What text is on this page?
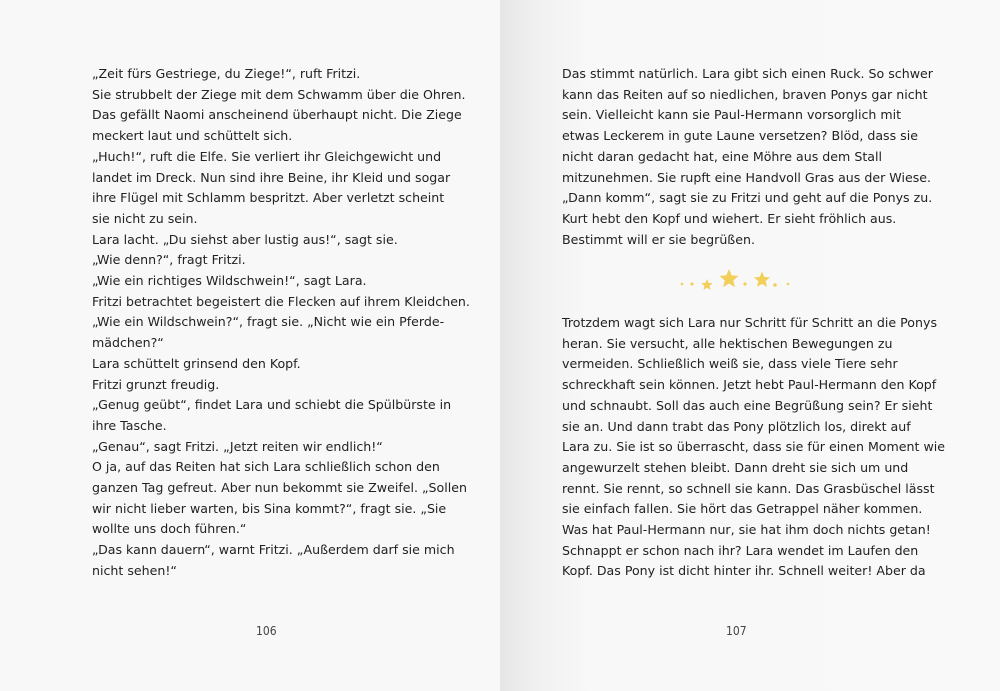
„Zeit fürs Gestriege, du Ziege!“, ruft Fritzi.
Sie strubbelt der Ziege mit dem Schwamm über die Ohren.
Das gefällt Naomi anscheinend überhaupt nicht. Die Ziege
meckert laut und schüttelt sich.
„Huch!“, ruft die Elfe. Sie verliert ihr Gleichgewicht und
landet im Dreck. Nun sind ihre Beine, ihr Kleid und sogar
ihre Flügel mit Schlamm bespritzt. Aber verletzt scheint
sie nicht zu sein.
Lara lacht. „Du siehst aber lustig aus!“, sagt sie.
„Wie denn?“, fragt Fritzi.
„Wie ein richtiges Wildschwein!“, sagt Lara.
Fritzi betrachtet begeistert die Flecken auf ihrem Kleidchen.
„Wie ein Wildschwein?“, fragt sie. „Nicht wie ein Pferde-
mädchen?“
Lara schüttelt grinsend den Kopf.
Fritzi grunzt freudig.
„Genug geübt“, findet Lara und schiebt die Spülbürste in
ihre Tasche.
„Genau“, sagt Fritzi. „Jetzt reiten wir endlich!“
O ja, auf das Reiten hat sich Lara schließlich schon den
ganzen Tag gefreut. Aber nun bekommt sie Zweifel. „Sollen
wir nicht lieber warten, bis Sina kommt?“, fragt sie. „Sie
wollte uns doch führen.“
„Das kann dauern“, warnt Fritzi. „Außerdem darf sie mich
nicht sehen!“
106
Das stimmt natürlich. Lara gibt sich einen Ruck. So schwer
kann das Reiten auf so niedlichen, braven Ponys gar nicht
sein. Vielleicht kann sie Paul-Hermann vorsorglich mit
etwas Leckerem in gute Laune versetzen? Blöd, dass sie
nicht daran gedacht hat, eine Möhre aus dem Stall
mitzunehmen. Sie rupft eine Handvoll Gras aus der Wiese.
„Dann komm“, sagt sie zu Fritzi und geht auf die Ponys zu.
Kurt hebt den Kopf und wiehert. Er sieht fröhlich aus.
Bestimmt will er sie begrüßen.
Trotzdem wagt sich Lara nur Schritt für Schritt an die Ponys
heran. Sie versucht, alle hektischen Bewegungen zu
vermeiden. Schließlich weiß sie, dass viele Tiere sehr
schreckhaft sein können. Jetzt hebt Paul-Hermann den Kopf
und schnaubt. Soll das auch eine Begrüßung sein? Er sieht
sie an. Und dann trabt das Pony plötzlich los, direkt auf
Lara zu. Sie ist so überrascht, dass sie für einen Moment wie
angewurzelt stehen bleibt. Dann dreht sie sich um und
rennt. Sie rennt, so schnell sie kann. Das Grasbüschel lässt
sie einfach fallen. Sie hört das Getrappel näher kommen.
Was hat Paul-Hermann nur, sie hat ihm doch nichts getan!
Schnappt er schon nach ihr? Lara wendet im Laufen den
Kopf. Das Pony ist dicht hinter ihr. Schnell weiter! Aber da
107
